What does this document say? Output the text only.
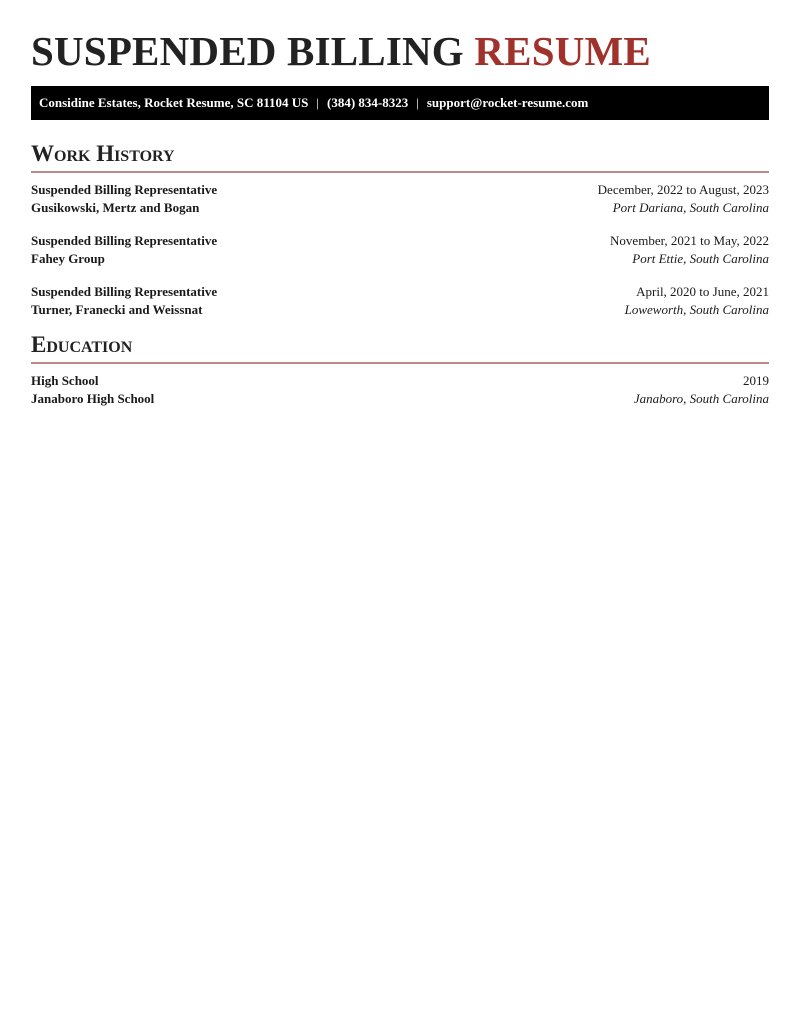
SUSPENDED BILLING RESUME
Considine Estates, Rocket Resume, SC 81104 US | (384) 834-8323 | support@rocket-resume.com
Work History
Suspended Billing Representative	December, 2022 to August, 2023
Gusikowski, Mertz and Bogan	Port Dariana, South Carolina
Suspended Billing Representative	November, 2021 to May, 2022
Fahey Group	Port Ettie, South Carolina
Suspended Billing Representative	April, 2020 to June, 2021
Turner, Franecki and Weissnat	Loweworth, South Carolina
Education
High School	2019
Janaboro High School	Janaboro, South Carolina
